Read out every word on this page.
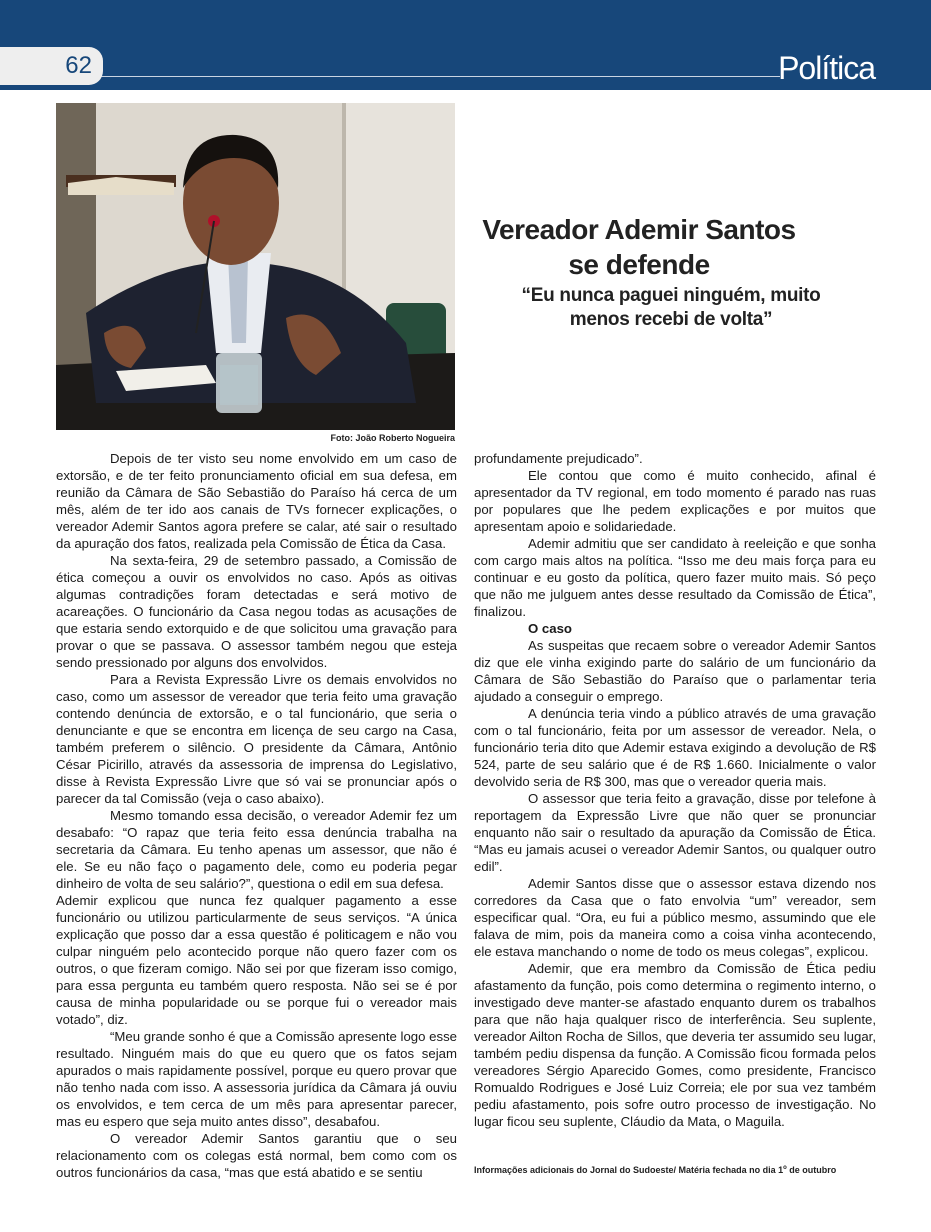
62	Política
Foto: João Roberto Nogueira
Vereador Ademir Santos
se defende
“Eu nunca paguei ninguém, muito
menos recebi de volta”

Depois de ter visto seu nome envolvido em um caso de extorsão, e de ter feito pronunciamento oficial em sua defesa, em reunião da Câmara de São Sebastião do Paraíso há cerca de um mês, além de ter ido aos canais de TVs fornecer explicações, o vereador Ademir Santos agora prefere se calar, até sair o resultado da apuração dos fatos, realizada pela Comissão de Ética da Casa.

Na sexta-feira, 29 de setembro passado, a Comissão de ética começou a ouvir os envolvidos no caso. Após as oitivas algumas contradições foram detectadas e será motivo de acareações. O funcionário da Casa negou todas as acusações de que estaria sendo extorquido e de que solicitou uma gravação para provar o que se passava. O assessor também negou que esteja sendo pressionado por alguns dos envolvidos.

Para a Revista Expressão Livre os demais envolvidos no caso, como um assessor de vereador que teria feito uma gravação contendo denúncia de extorsão, e o tal funcionário, que seria o denunciante e que se encontra em licença de seu cargo na Casa, também preferem o silêncio. O presidente da Câmara, Antônio César Picirillo, através da assessoria de imprensa do Legislativo, disse à Revista Expressão Livre que só vai se pronunciar após o parecer da tal Comissão (veja o caso abaixo).

Mesmo tomando essa decisão, o vereador Ademir fez um desabafo: “O rapaz que teria feito essa denúncia trabalha na secretaria da Câmara. Eu tenho apenas um assessor, que não é ele. Se eu não faço o pagamento dele, como eu poderia pegar dinheiro de volta de seu salário?”, questiona o edil em sua defesa.

Ademir explicou que nunca fez qualquer pagamento a esse funcionário ou utilizou particularmente de seus serviços. “A única explicação que posso dar a essa questão é politicagem e não vou culpar ninguém pelo acontecido porque não quero fazer com os outros, o que fizeram comigo. Não sei por que fizeram isso comigo, para essa pergunta eu também quero resposta. Não sei se é por causa de minha popularidade ou se porque fui o vereador mais votado”, diz.

“Meu grande sonho é que a Comissão apresente logo esse resultado. Ninguém mais do que eu quero que os fatos sejam apurados o mais rapidamente possível, porque eu quero provar que não tenho nada com isso. A assessoria jurídica da Câmara já ouviu os envolvidos, e tem cerca de um mês para apresentar parecer, mas eu espero que seja muito antes disso”, desabafou.

O vereador Ademir Santos garantiu que o seu relacionamento com os colegas está normal, bem como com os outros funcionários da casa, “mas que está abatido e se sentiu

profundamente prejudicado”.

Ele contou que como é muito conhecido, afinal é apresentador da TV regional, em todo momento é parado nas ruas por populares que lhe pedem explicações e por muitos que apresentam apoio e solidariedade.

Ademir admitiu que ser candidato à reeleição e que sonha com cargo mais altos na política. “Isso me deu mais força para eu continuar e eu gosto da política, quero fazer muito mais. Só peço que não me julguem antes desse resultado da Comissão de Ética”, finalizou.

O caso

As suspeitas que recaem sobre o vereador Ademir Santos diz que ele vinha exigindo parte do salário de um funcionário da Câmara de São Sebastião do Paraíso que o parlamentar teria ajudado a conseguir o emprego.

A denúncia teria vindo a público através de uma gravação com o tal funcionário, feita por um assessor de vereador. Nela, o funcionário teria dito que Ademir estava exigindo a devolução de R$ 524, parte de seu salário que é de R$ 1.660. Inicialmente o valor devolvido seria de R$ 300, mas que o vereador queria mais.

O assessor que teria feito a gravação, disse por telefone à reportagem da Expressão Livre que não quer se pronunciar enquanto não sair o resultado da apuração da Comissão de Ética. “Mas eu jamais acusei o vereador Ademir Santos, ou qualquer outro edil”.

Ademir Santos disse que o assessor estava dizendo nos corredores da Casa que o fato envolvia “um” vereador, sem especificar qual. “Ora, eu fui a público mesmo, assumindo que ele falava de mim, pois da maneira como a coisa vinha acontecendo, ele estava manchando o nome de todo os meus colegas”, explicou.

Ademir, que era membro da Comissão de Ética pediu afastamento da função, pois como determina o regimento interno, o investigado deve manter-se afastado enquanto durem os trabalhos para que não haja qualquer risco de interferência. Seu suplente, vereador Ailton Rocha de Sillos, que deveria ter assumido seu lugar, também pediu dispensa da função. A Comissão ficou formada pelos vereadores Sérgio Aparecido Gomes, como presidente, Francisco Romualdo Rodrigues e José Luiz Correia; ele por sua vez também pediu afastamento, pois sofre outro processo de investigação. No lugar ficou seu suplente, Cláudio da Mata, o Maguila.

Informações adicionais do Jornal do Sudoeste/ Matéria fechada no dia 1$^o$ de outubro
